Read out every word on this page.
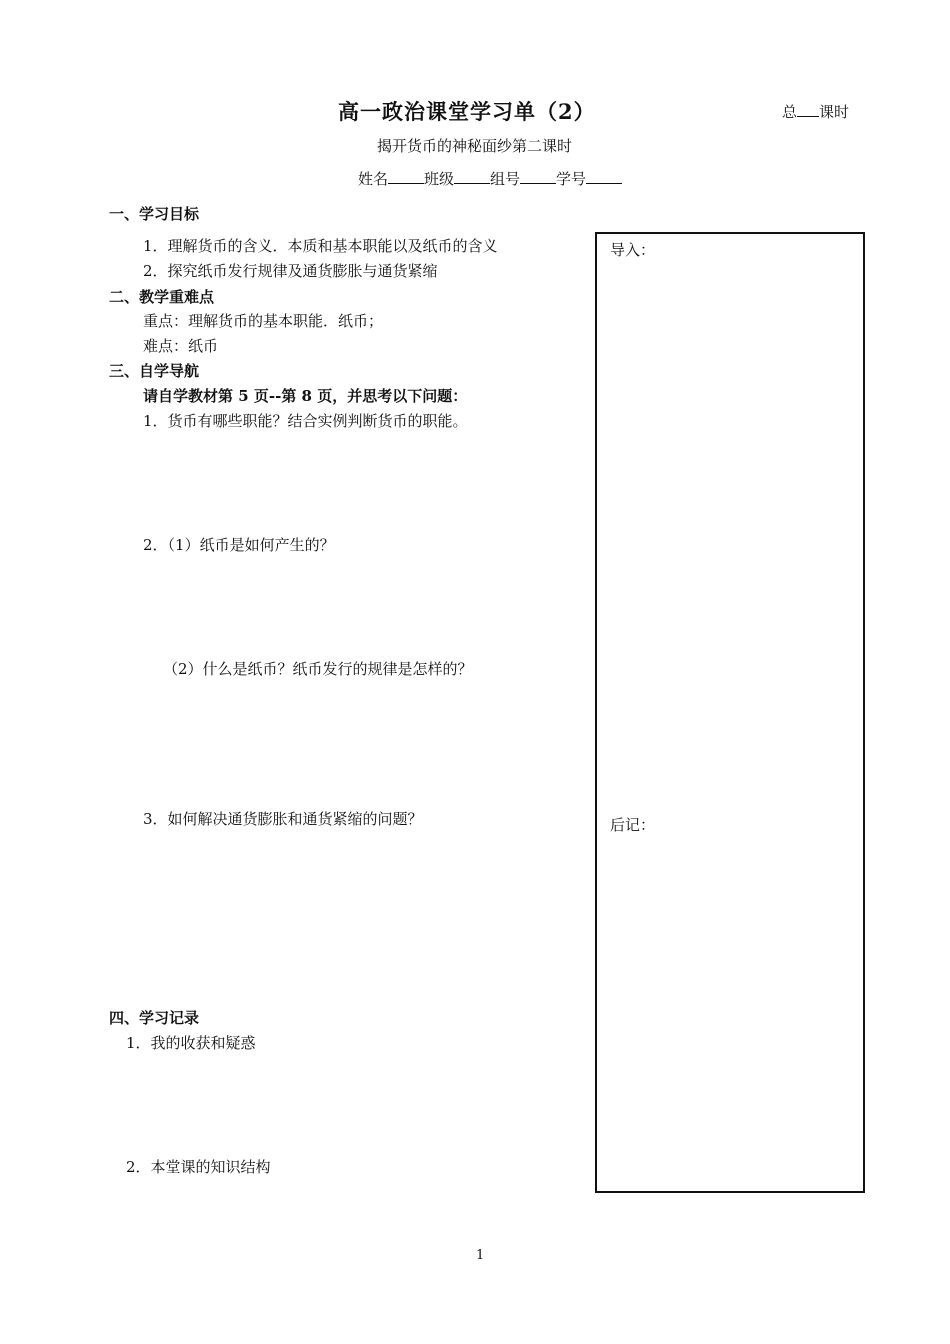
高一政治课堂学习单（2）	总 课时
揭开货币的神秘面纱第二课时
姓名 班级 组号 学号
一、学习目标
1．理解货币的含义．本质和基本职能以及纸币的含义
2．探究纸币发行规律及通货膨胀与通货紧缩
二、教学重难点
重点：理解货币的基本职能．纸币；
难点：纸币
三、自学导航
请自学教材第 5 页--第 8 页，并思考以下问题：
1．货币有哪些职能？结合实例判断货币的职能。
2．（1）纸币是如何产生的？
（2）什么是纸币？纸币发行的规律是怎样的？
3．如何解决通货膨胀和通货紧缩的问题？
四、学习记录
1．我的收获和疑惑
2．本堂课的知识结构
导入：
后记：
1
